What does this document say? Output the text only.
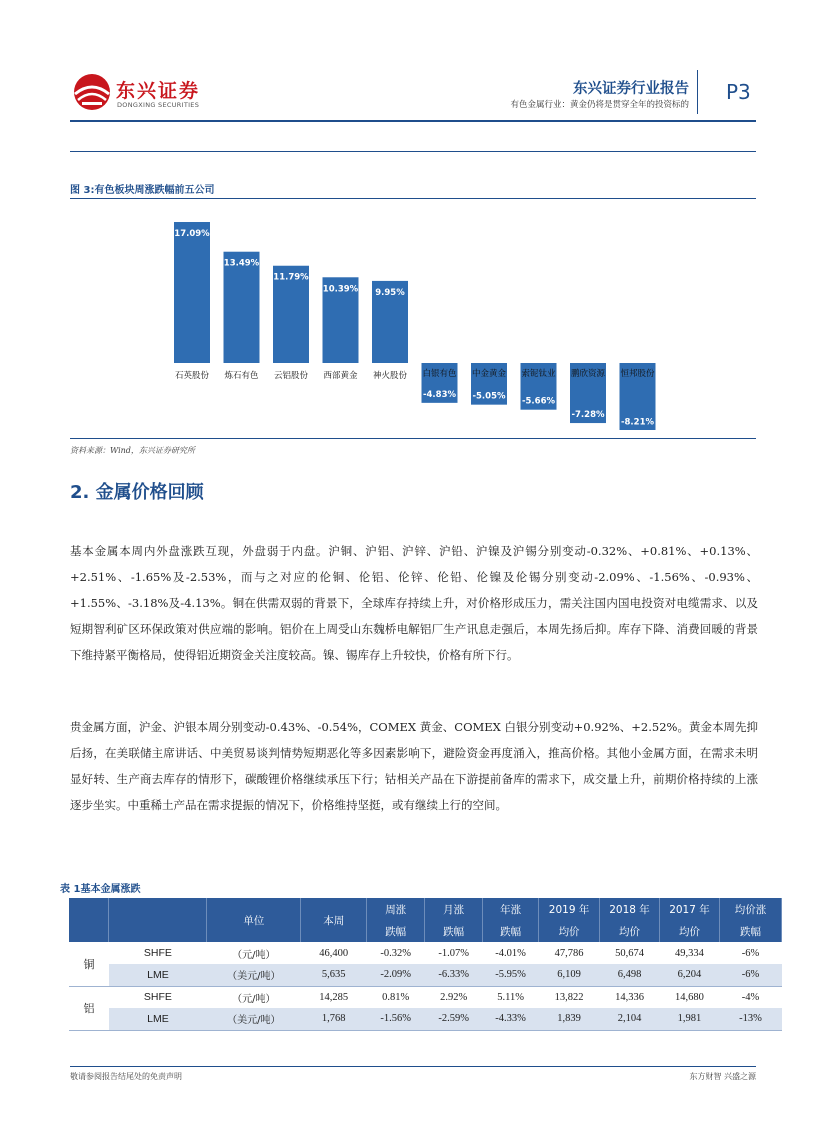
东兴证券
DONGXING SECURITIES
东兴证券行业报告
有色金属行业：黄金仍将是贯穿全年的投资标的
P3
图 3:有色板块周涨跌幅前五公司
17.09%
石英股份
13.49%
炼石有色
11.79%
云铝股份
10.39%
西部黄金
9.95%
神火股份
-4.83%
白银有色
-5.05%
中金黄金
-5.66%
索铌钛业
-7.28%
鹏欣资源
-8.21%
恒邦股份
资料来源：Wind，东兴证券研究所
2. 金属价格回顾
基本金属本周内外盘涨跌互现，外盘弱于内盘。沪铜、沪铝、沪锌、沪铅、沪镍及沪锡分别变动-0.32%、+0.81%、+0.13%、+2.51%、-1.65%及-2.53%，而与之对应的伦铜、伦铝、伦锌、伦铅、伦镍及伦锡分别变动-2.09%、-1.56%、-0.93%、+1.55%、-3.18%及-4.13%。铜在供需双弱的背景下，全球库存持续上升，对价格形成压力，需关注国内国电投资对电缆需求、以及短期智利矿区环保政策对供应端的影响。铝价在上周受山东魏桥电解铝厂生产讯息走强后，本周先扬后抑。库存下降、消费回暖的背景下维持紧平衡格局，使得铝近期资金关注度较高。镍、锡库存上升较快，价格有所下行。
贵金属方面，沪金、沪银本周分别变动-0.43%、-0.54%，COMEX 黄金、COMEX 白银分别变动+0.92%、+2.52%。黄金本周先抑后扬，在美联储主席讲话、中美贸易谈判情势短期恶化等多因素影响下，避险资金再度涌入，推高价格。其他小金属方面，在需求未明显好转、生产商去库存的情形下，碳酸锂价格继续承压下行；钴相关产品在下游提前备库的需求下，成交量上升，前期价格持续的上涨逐步坐实。中重稀土产品在需求提振的情况下，价格维持坚挺，或有继续上行的空间。
表 1基本金属涨跌
		单位	本周	周涨	月涨	年涨	2019 年	2018 年	2017 年	均价涨
				跌幅	跌幅	跌幅	均价	均价	均价	跌幅
铜	SHFE	（元/吨）	46,400	-0.32%	-1.07%	-4.01%	47,786	50,674	49,334	-6%
	LME	（美元/吨）	5,635	-2.09%	-6.33%	-5.95%	6,109	6,498	6,204	-6%
铝	SHFE	（元/吨）	14,285	0.81%	2.92%	5.11%	13,822	14,336	14,680	-4%
	LME	（美元/吨）	1,768	-1.56%	-2.59%	-4.33%	1,839	2,104	1,981	-13%
敬请参阅报告结尾处的免责声明	东方财智 兴盛之源
